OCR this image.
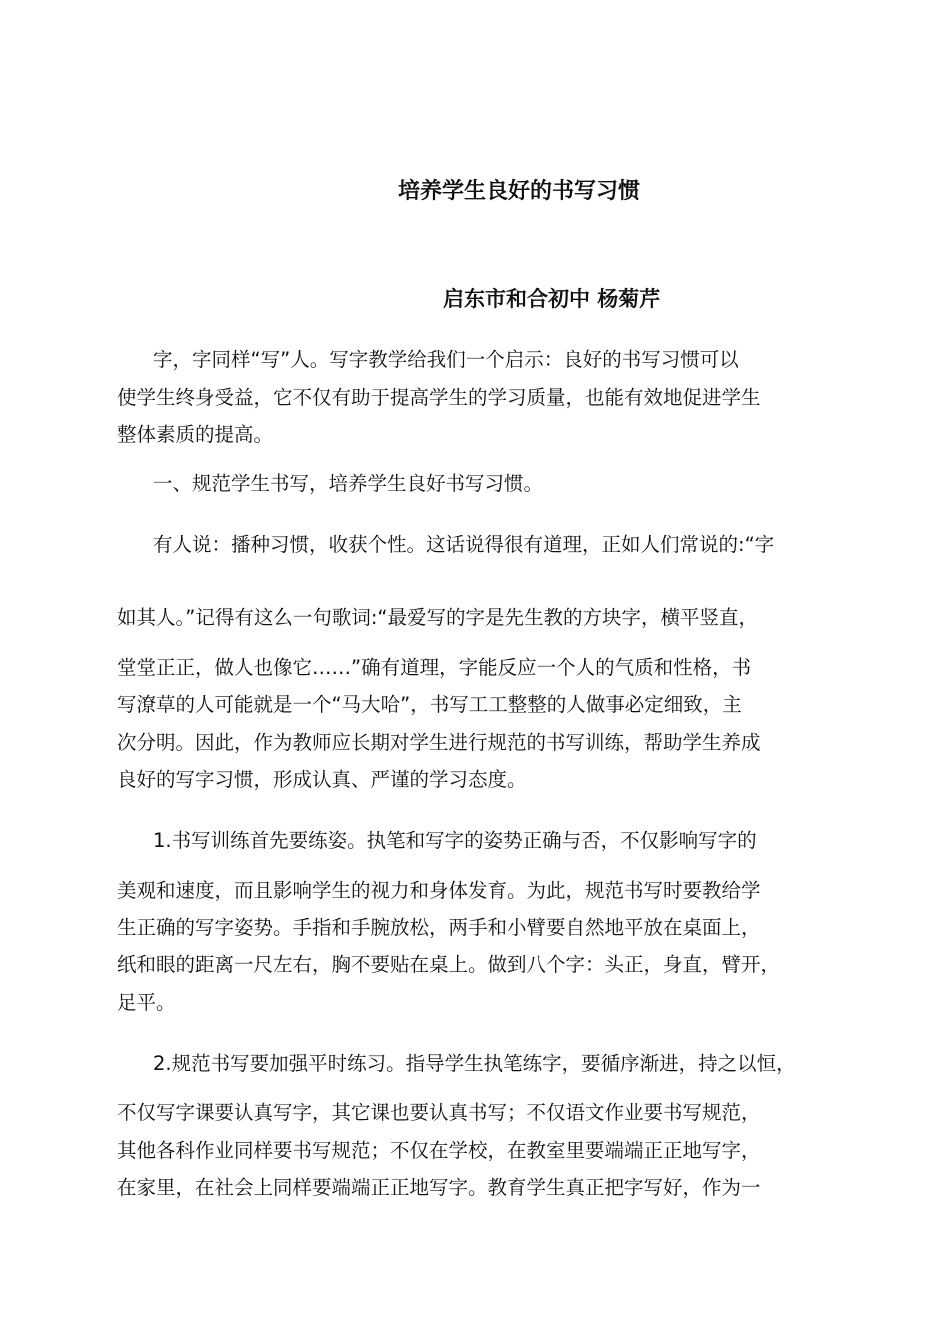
培养学生良好的书写习惯
启东市和合初中 杨菊芹
字，字同样“写”人。写字教学给我们一个启示：良好的书写习惯可以
使学生终身受益，它不仅有助于提高学生的学习质量，也能有效地促进学生
整体素质的提高。
一、规范学生书写，培养学生良好书写习惯。
有人说：播种习惯，收获个性。这话说得很有道理，正如人们常说的:“字
如其人。”记得有这么一句歌词:“最爱写的字是先生教的方块字，横平竖直，
堂堂正正，做人也像它……”确有道理，字能反应一个人的气质和性格，书
写潦草的人可能就是一个“马大哈”，书写工工整整的人做事必定细致，主
次分明。因此，作为教师应长期对学生进行规范的书写训练，帮助学生养成
良好的写字习惯，形成认真、严谨的学习态度。
1.书写训练首先要练姿。执笔和写字的姿势正确与否，不仅影响写字的
美观和速度，而且影响学生的视力和身体发育。为此，规范书写时要教给学
生正确的写字姿势。手指和手腕放松，两手和小臂要自然地平放在桌面上，
纸和眼的距离一尺左右，胸不要贴在桌上。做到八个字：头正，身直，臂开，
足平。
2.规范书写要加强平时练习。指导学生执笔练字，要循序渐进，持之以恒，
不仅写字课要认真写字，其它课也要认真书写；不仅语文作业要书写规范，
其他各科作业同样要书写规范；不仅在学校，在教室里要端端正正地写字，
在家里，在社会上同样要端端正正地写字。教育学生真正把字写好，作为一
